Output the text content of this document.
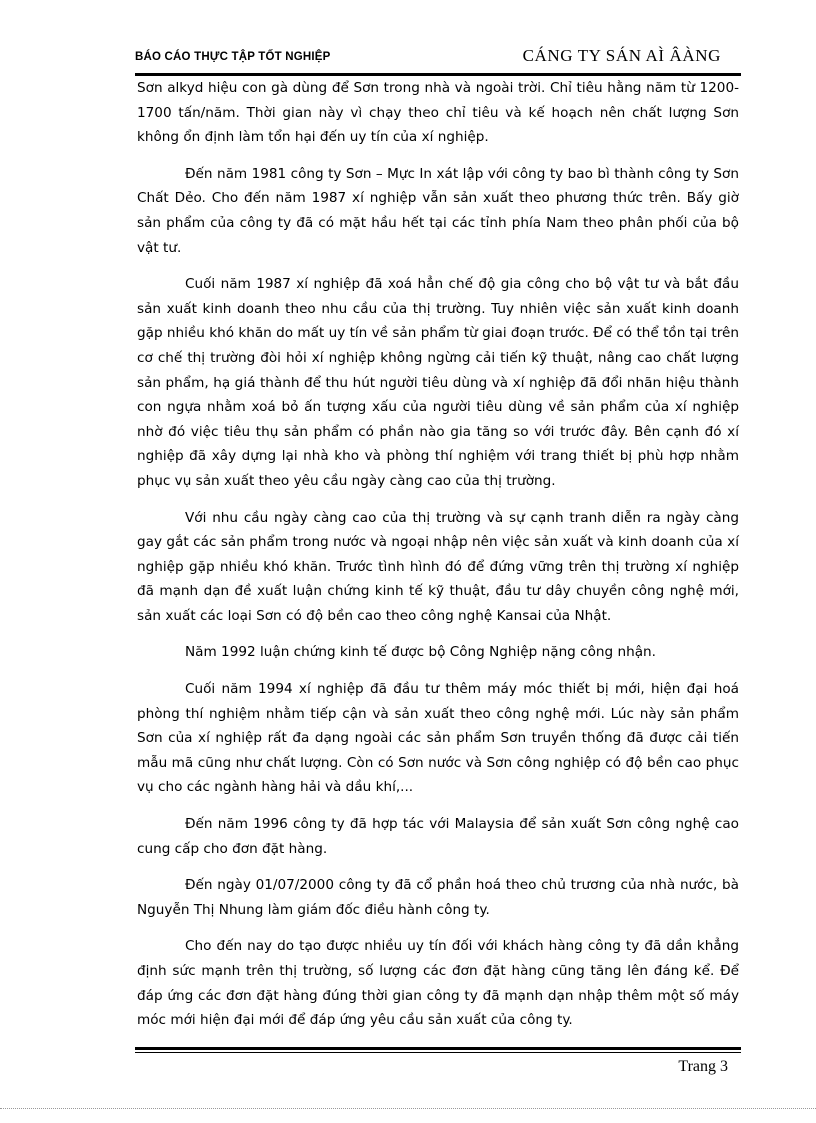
BÁO CÁO THỰC TẬP TỐT NGHIỆP	CÁNG TY SÁN AÌ ÂÀNG

Sơn alkyd hiệu con gà dùng để Sơn trong nhà và ngoài trời. Chỉ tiêu hằng năm từ 1200-1700 tấn/năm. Thời gian này vì chạy theo chỉ tiêu và kế hoạch nên chất lượng Sơn không ổn định làm tổn hại đến uy tín của xí nghiệp.

Đến năm 1981 công ty Sơn – Mực In xát lập với công ty bao bì thành công ty Sơn Chất Dẻo. Cho đến năm 1987 xí nghiệp vẫn sản xuất theo phương thức trên. Bấy giờ sản phẩm của công ty đã có mặt hầu hết tại các tỉnh phía Nam theo phân phối của bộ vật tư.

Cuối năm 1987 xí nghiệp đã xoá hẳn chế độ gia công cho bộ vật tư và bắt đầu sản xuất kinh doanh theo nhu cầu của thị trường. Tuy nhiên việc sản xuất kinh doanh gặp nhiều khó khăn do mất uy tín về sản phẩm từ giai đoạn trước. Để có thể tồn tại trên cơ chế thị trường đòi hỏi xí nghiệp không ngừng cải tiến kỹ thuật, nâng cao chất lượng sản phẩm, hạ giá thành để thu hút người tiêu dùng và xí nghiệp đã đổi nhãn hiệu thành con ngựa nhằm xoá bỏ ấn tượng xấu của người tiêu dùng về sản phẩm của xí nghiệp nhờ đó việc tiêu thụ sản phẩm có phần nào gia tăng so với trước đây. Bên cạnh đó xí nghiệp đã xây dựng lại nhà kho và phòng thí nghiệm với trang thiết bị phù hợp nhằm phục vụ sản xuất theo yêu cầu ngày càng cao của thị trường.

Với nhu cầu ngày càng cao của thị trường và sự cạnh tranh diễn ra ngày càng gay gắt các sản phẩm trong nước và ngoại nhập nên việc sản xuất và kinh doanh của xí nghiệp gặp nhiều khó khăn. Trước tình hình đó để đứng vững trên thị trường xí nghiệp đã mạnh dạn đề xuất luận chứng kinh tế kỹ thuật, đầu tư dây chuyền công nghệ mới, sản xuất các loại Sơn có độ bền cao theo công nghệ Kansai của Nhật.

Năm 1992 luận chứng kinh tế được bộ Công Nghiệp nặng công nhận.

Cuối năm 1994 xí nghiệp đã đầu tư thêm máy móc thiết bị mới, hiện đại hoá phòng thí nghiệm nhằm tiếp cận và sản xuất theo công nghệ mới. Lúc này sản phẩm Sơn của xí nghiệp rất đa dạng ngoài các sản phẩm Sơn truyền thống đã được cải tiến mẫu mã cũng như chất lượng. Còn có Sơn nước và Sơn công nghiệp có độ bền cao phục vụ cho các ngành hàng hải và dầu khí,...

Đến năm 1996 công ty đã hợp tác với Malaysia để sản xuất Sơn công nghệ cao cung cấp cho đơn đặt hàng.

Đến ngày 01/07/2000 công ty đã cổ phần hoá theo chủ trương của nhà nước, bà Nguyễn Thị Nhung làm giám đốc điều hành công ty.

Cho đến nay do tạo được nhiều uy tín đối với khách hàng công ty đã dần khẳng định sức mạnh trên thị trường, số lượng các đơn đặt hàng cũng tăng lên đáng kể. Để đáp ứng các đơn đặt hàng đúng thời gian công ty đã mạnh dạn nhập thêm một số máy móc mới hiện đại mới để đáp ứng yêu cầu sản xuất của công ty.

Trang 3
